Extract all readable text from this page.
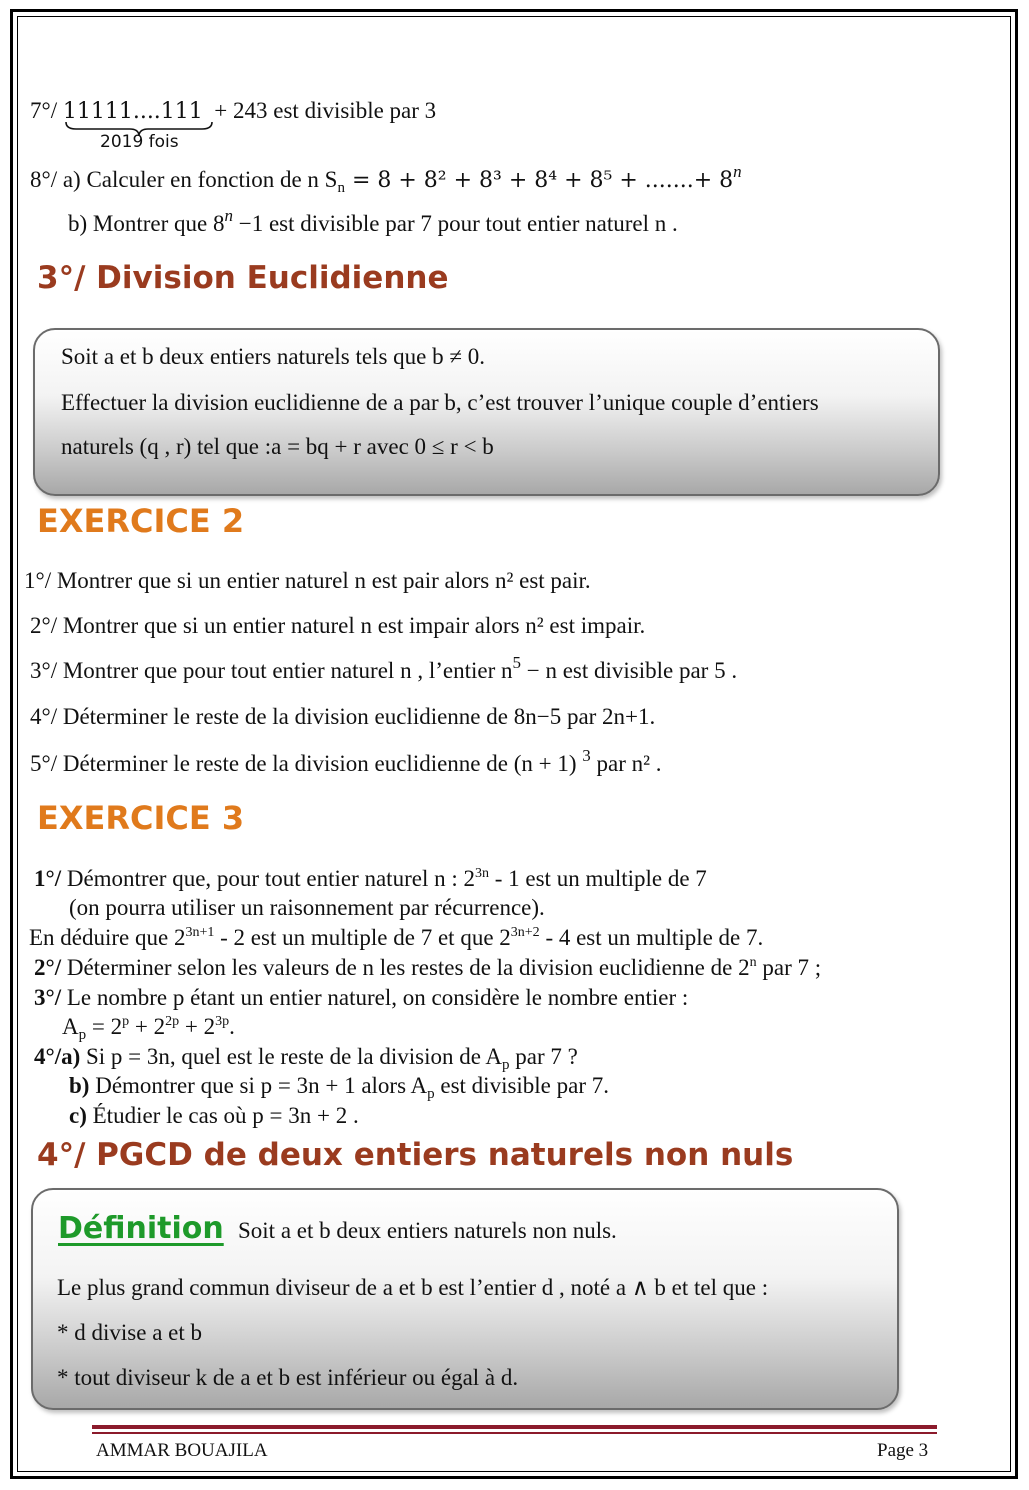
7°/ 11111....111 + 243 est divisible par 3
2019 fois
8°/ a) Calculer en fonction de n $S_n = 8 + 8^2 + 8^3 + 8^4 + 8^5$ + .......+ $8^n$
b) Montrer que $8^n -1$ est divisible par 7 pour tout entier naturel n .
3°/ Division Euclidienne
Soit a et b deux entiers naturels tels que b ≠ 0.
Effectuer la division euclidienne de a par b, c’est trouver l’unique couple d’entiers
naturels (q , r) tel que :a = bq + r avec 0 ≤ r < b
EXERCICE 2
1°/ Montrer que si un entier naturel n est pair alors n² est pair.
2°/ Montrer que si un entier naturel n est impair alors n² est impair.
3°/ Montrer que pour tout entier naturel n , l’entier $n^5 - n$ est divisible par 5 .
4°/ Déterminer le reste de la division euclidienne de 8n−5 par 2n+1.
5°/ Déterminer le reste de la division euclidienne de (n + 1) $^3$ par n² .
EXERCICE 3
1°/ Démontrer que, pour tout entier naturel n : $2^{3n} - 1$ est un multiple de 7
(on pourra utiliser un raisonnement par récurrence).
En déduire que $2^{3n+1} - 2$ est un multiple de 7 et que $2^{3n+2} - 4$ est un multiple de 7.
2°/ Déterminer selon les valeurs de n les restes de la division euclidienne de 2$^n$ par 7 ;
3°/ Le nombre p étant un entier naturel, on considère le nombre entier :
$A_p = 2^p + 2^{2p} + 2^{3p}$.
4°/a) Si p = 3n, quel est le reste de la division de $A_p$ par 7 ?
b) Démontrer que si p = 3n + 1 alors $A_p$ est divisible par 7.
c) Étudier le cas où p = 3n + 2 .
4°/ PGCD de deux entiers naturels non nuls
Définition Soit a et b deux entiers naturels non nuls.
Le plus grand commun diviseur de a et b est l’entier d , noté a ∧ b et tel que :
* d divise a et b
* tout diviseur k de a et b est inférieur ou égal à d.
AMMAR BOUAJILA	Page 3
